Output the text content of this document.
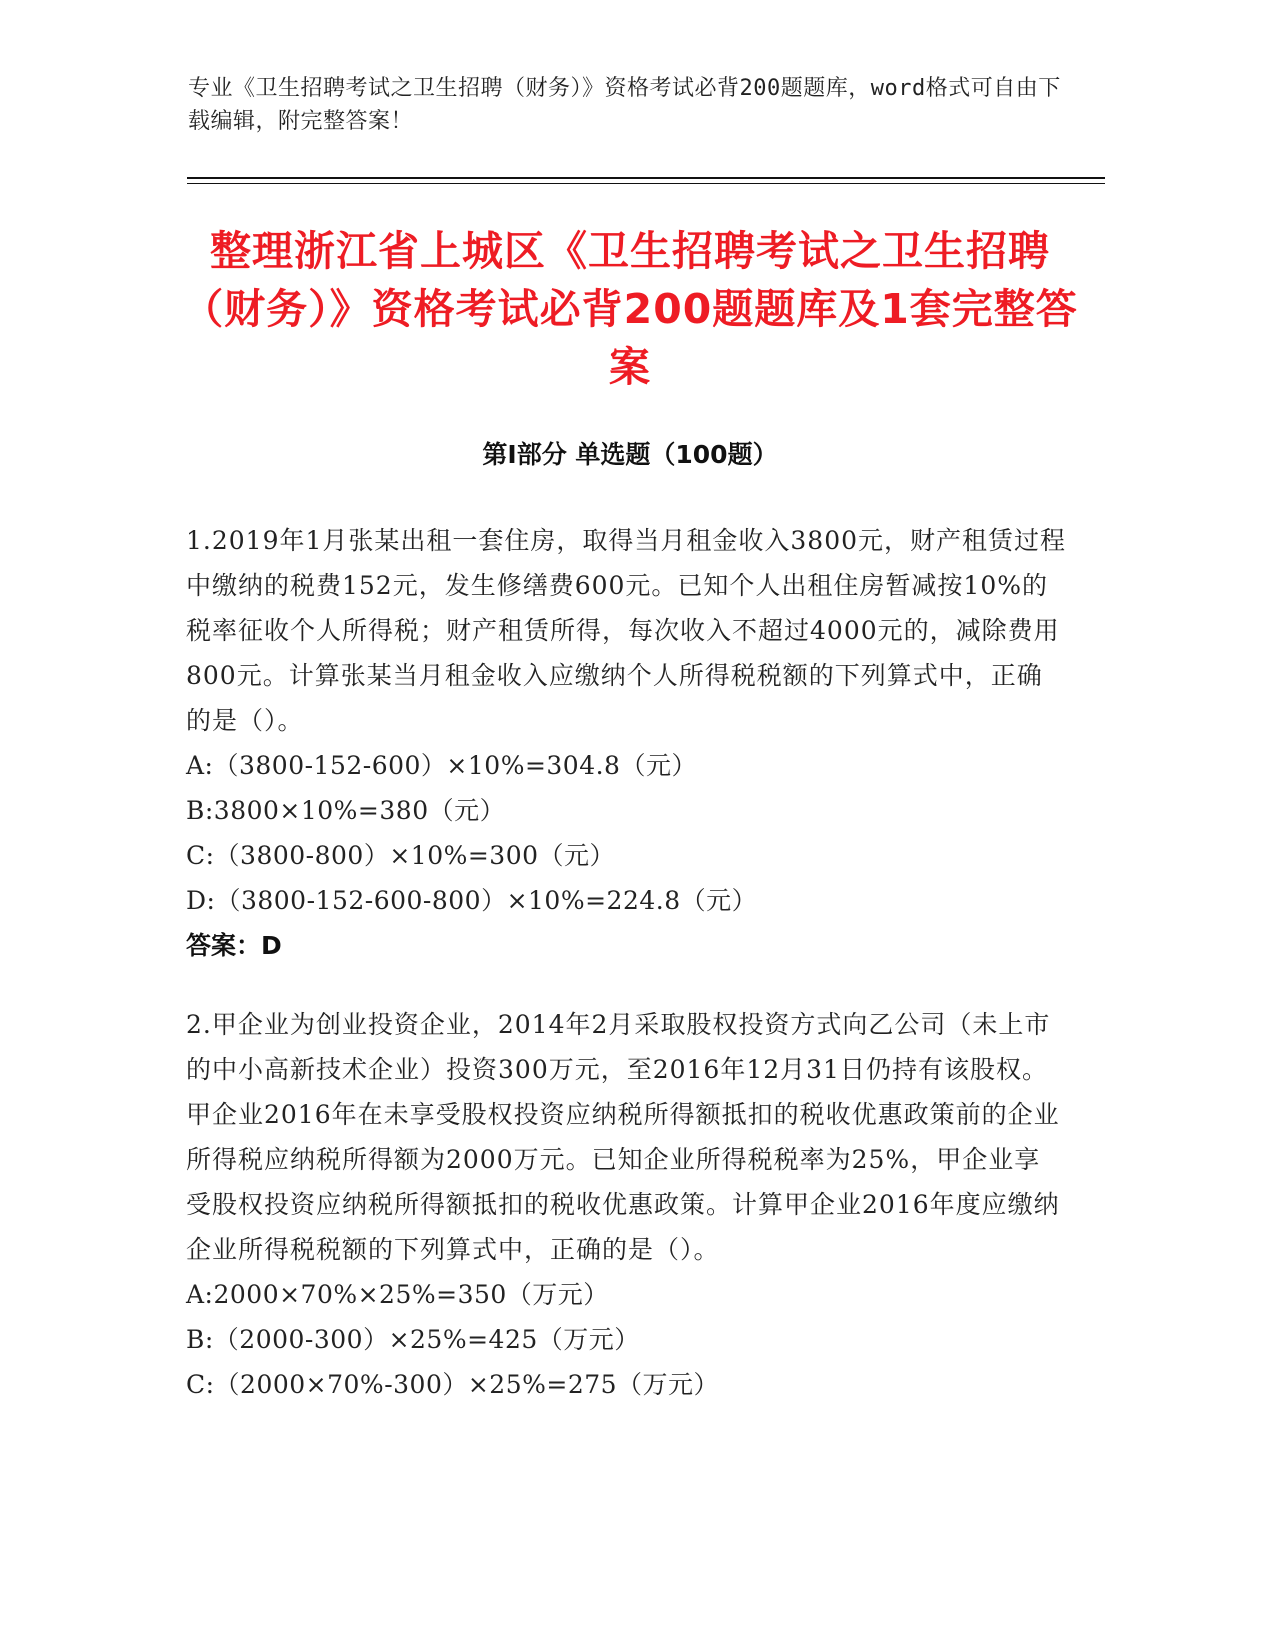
专业《卫生招聘考试之卫生招聘（财务）》资格考试必背200题题库，word格式可自由下载编辑，附完整答案！
整理浙江省上城区《卫生招聘考试之卫生招聘（财务）》资格考试必背200题题库及1套完整答案
第I部分 单选题（100题）
1.2019年1月张某出租一套住房，取得当月租金收入3800元，财产租赁过程中缴纳的税费152元，发生修缮费600元。已知个人出租住房暂减按10%的税率征收个人所得税；财产租赁所得，每次收入不超过4000元的，减除费用800元。计算张某当月租金收入应缴纳个人所得税税额的下列算式中，正确的是（）。
A:（3800-152-600）×10%=304.8（元）
B:3800×10%=380（元）
C:（3800-800）×10%=300（元）
D:（3800-152-600-800）×10%=224.8（元）
答案：D
2.甲企业为创业投资企业，2014年2月采取股权投资方式向乙公司（未上市的中小高新技术企业）投资300万元，至2016年12月31日仍持有该股权。甲企业2016年在未享受股权投资应纳税所得额抵扣的税收优惠政策前的企业所得税应纳税所得额为2000万元。已知企业所得税税率为25%，甲企业享受股权投资应纳税所得额抵扣的税收优惠政策。计算甲企业2016年度应缴纳企业所得税税额的下列算式中，正确的是（）。
A:2000×70%×25%=350（万元）
B:（2000-300）×25%=425（万元）
C:（2000×70%-300）×25%=275（万元）
